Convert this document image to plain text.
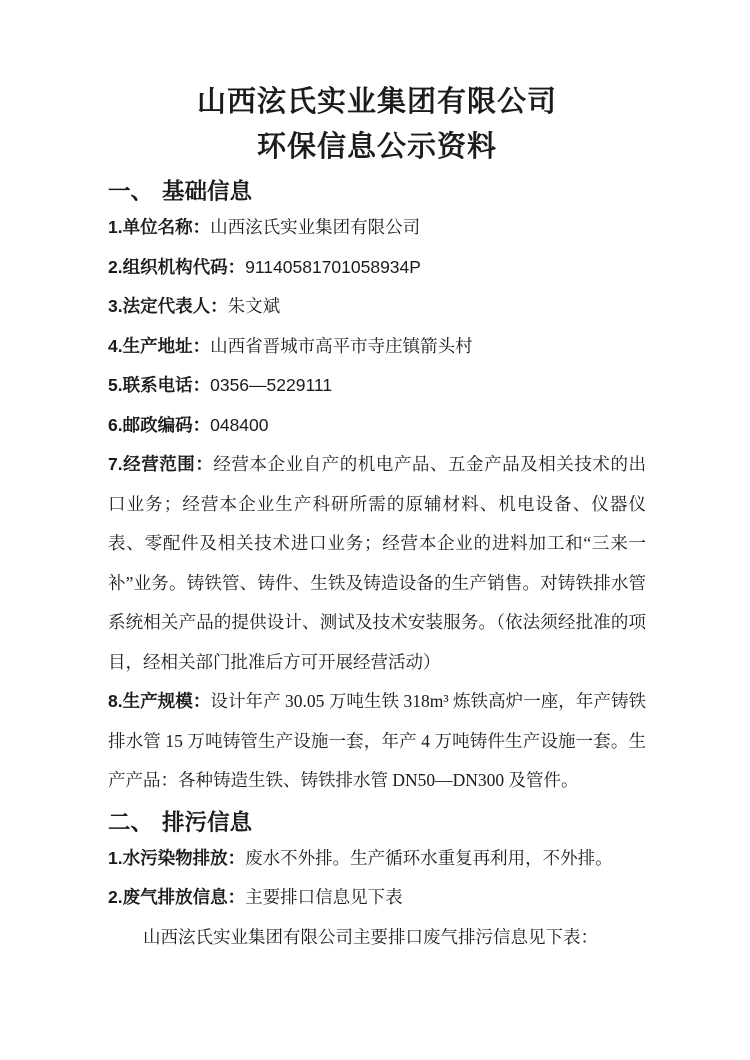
山西泫氏实业集团有限公司
环保信息公示资料
一、 基础信息

1.单位名称：山西泫氏实业集团有限公司

2.组织机构代码：91140581701058934P

3.法定代表人：朱文斌

4.生产地址：山西省晋城市高平市寺庄镇箭头村

5.联系电话：0356—5229111

6.邮政编码：048400

7.经营范围：经营本企业自产的机电产品、五金产品及相关技术的出口业务；经营本企业生产科研所需的原辅材料、机电设备、仪器仪表、零配件及相关技术进口业务；经营本企业的进料加工和“三来一补”业务。铸铁管、铸件、生铁及铸造设备的生产销售。对铸铁排水管系统相关产品的提供设计、测试及技术安装服务。（依法须经批准的项目，经相关部门批准后方可开展经营活动）

8.生产规模：设计年产 30.05 万吨生铁 318m³ 炼铁高炉一座，年产铸铁排水管 15 万吨铸管生产设施一套，年产 4 万吨铸件生产设施一套。生产产品：各种铸造生铁、铸铁排水管 DN50—DN300 及管件。

二、 排污信息

1.水污染物排放：废水不外排。生产循环水重复再利用，不外排。

2.废气排放信息：主要排口信息见下表

山西泫氏实业集团有限公司主要排口废气排污信息见下表：
